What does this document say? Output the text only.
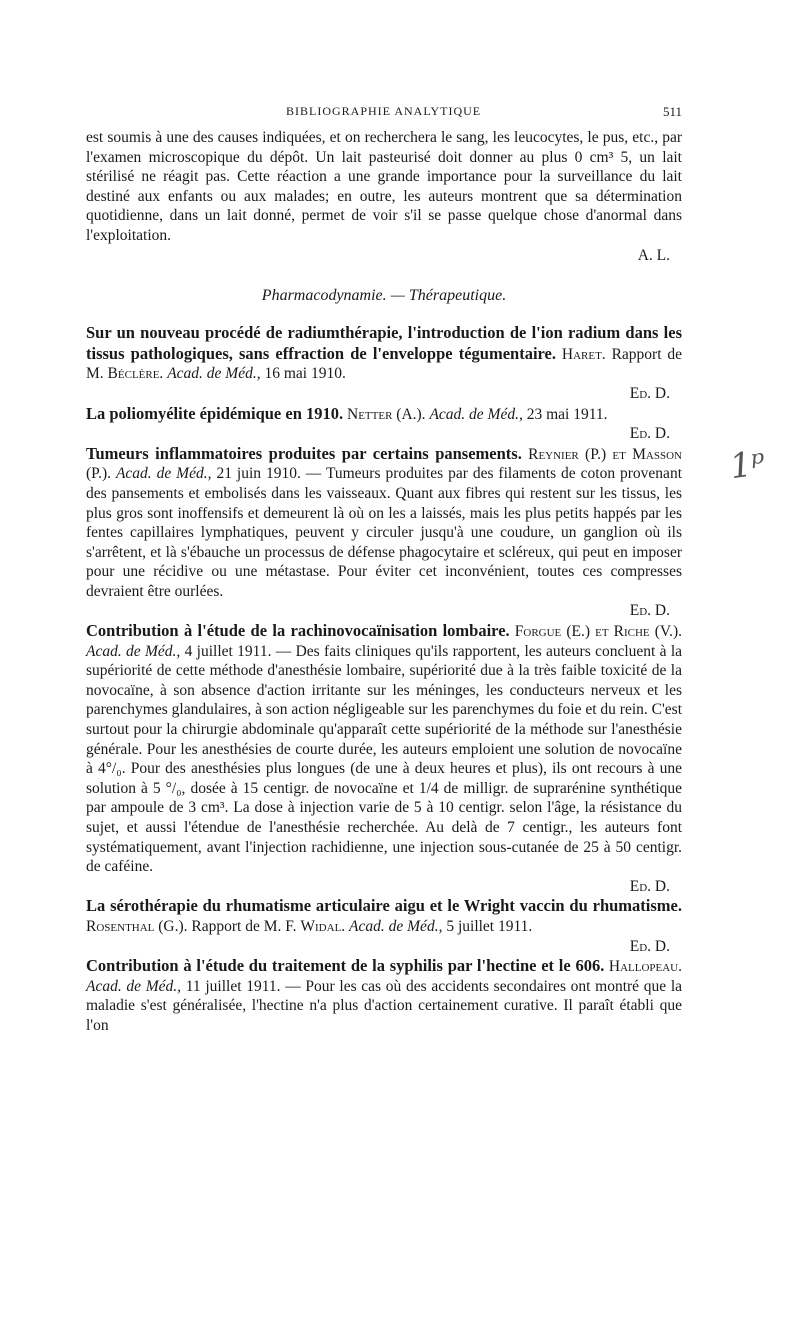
BIBLIOGRAPHIE ANALYTIQUE	511

est soumis à une des causes indiquées, et on recherchera le sang, les leucocytes, le pus, etc., par l'examen microscopique du dépôt. Un lait pasteurisé doit donner au plus 0 cm³ 5, un lait stérilisé ne réagit pas. Cette réaction a une grande importance pour la surveillance du lait destiné aux enfants ou aux malades; en outre, les auteurs montrent que sa détermination quotidienne, dans un lait donné, permet de voir s'il se passe quelque chose d'anormal dans l'exploitation.
A. L.

Pharmacodynamie. — Thérapeutique.

Sur un nouveau procédé de radiumthérapie, l'introduction de l'ion radium dans les tissus pathologiques, sans effraction de l'enveloppe tégumentaire. Haret. Rapport de M. Béclère. Acad. de Méd., 16 mai 1910.
Ed. D.

La poliomyélite épidémique en 1910. Netter (A.). Acad. de Méd., 23 mai 1911.
Ed. D.

Tumeurs inflammatoires produites par certains pansements. Reynier (P.) et Masson (P.). Acad. de Méd., 21 juin 1910. — Tumeurs produites par des filaments de coton provenant des pansements et embolisés dans les vaisseaux. Quant aux fibres qui restent sur les tissus, les plus gros sont inoffensifs et demeurent là où on les a laissés, mais les plus petits happés par les fentes capillaires lymphatiques, peuvent y circuler jusqu'à une coudure, un ganglion où ils s'arrêtent, et là s'ébauche un processus de défense phagocytaire et scléreux, qui peut en imposer pour une récidive ou une métastase. Pour éviter cet inconvénient, toutes ces compresses devraient être ourlées.
Ed. D.

Contribution à l'étude de la rachinovocaïnisation lombaire. Forgue (E.) et Riche (V.). Acad. de Méd., 4 juillet 1911. — Des faits cliniques qu'ils rapportent, les auteurs concluent à la supériorité de cette méthode d'anesthésie lombaire, supériorité due à la très faible toxicité de la novocaïne, à son absence d'action irritante sur les méninges, les conducteurs nerveux et les parenchymes glandulaires, à son action négligeable sur les parenchymes du foie et du rein. C'est surtout pour la chirurgie abdominale qu'apparaît cette supériorité de la méthode sur l'anesthésie générale. Pour les anesthésies de courte durée, les auteurs emploient une solution de novocaïne à 4°/₀. Pour des anesthésies plus longues (de une à deux heures et plus), ils ont recours à une solution à 5 °/₀, dosée à 15 centigr. de novocaïne et 1/4 de milligr. de suprarénine synthétique par ampoule de 3 cm³. La dose à injection varie de 5 à 10 centigr. selon l'âge, la résistance du sujet, et aussi l'étendue de l'anesthésie recherchée. Au delà de 7 centigr., les auteurs font systématiquement, avant l'injection rachidienne, une injection sous-cutanée de 25 à 50 centigr. de caféine.
Ed. D.

La sérothérapie du rhumatisme articulaire aigu et le Wright vaccin du rhumatisme. Rosenthal (G.). Rapport de M. F. Widal. Acad. de Méd., 5 juillet 1911.
Ed. D.

Contribution à l'étude du traitement de la syphilis par l'hectine et le 606. Hallopeau. Acad. de Méd., 11 juillet 1911. — Pour les cas où des accidents secondaires ont montré que la maladie s'est généralisée, l'hectine n'a plus d'action certainement curative. Il paraît établi que l'on

1ᵖ
